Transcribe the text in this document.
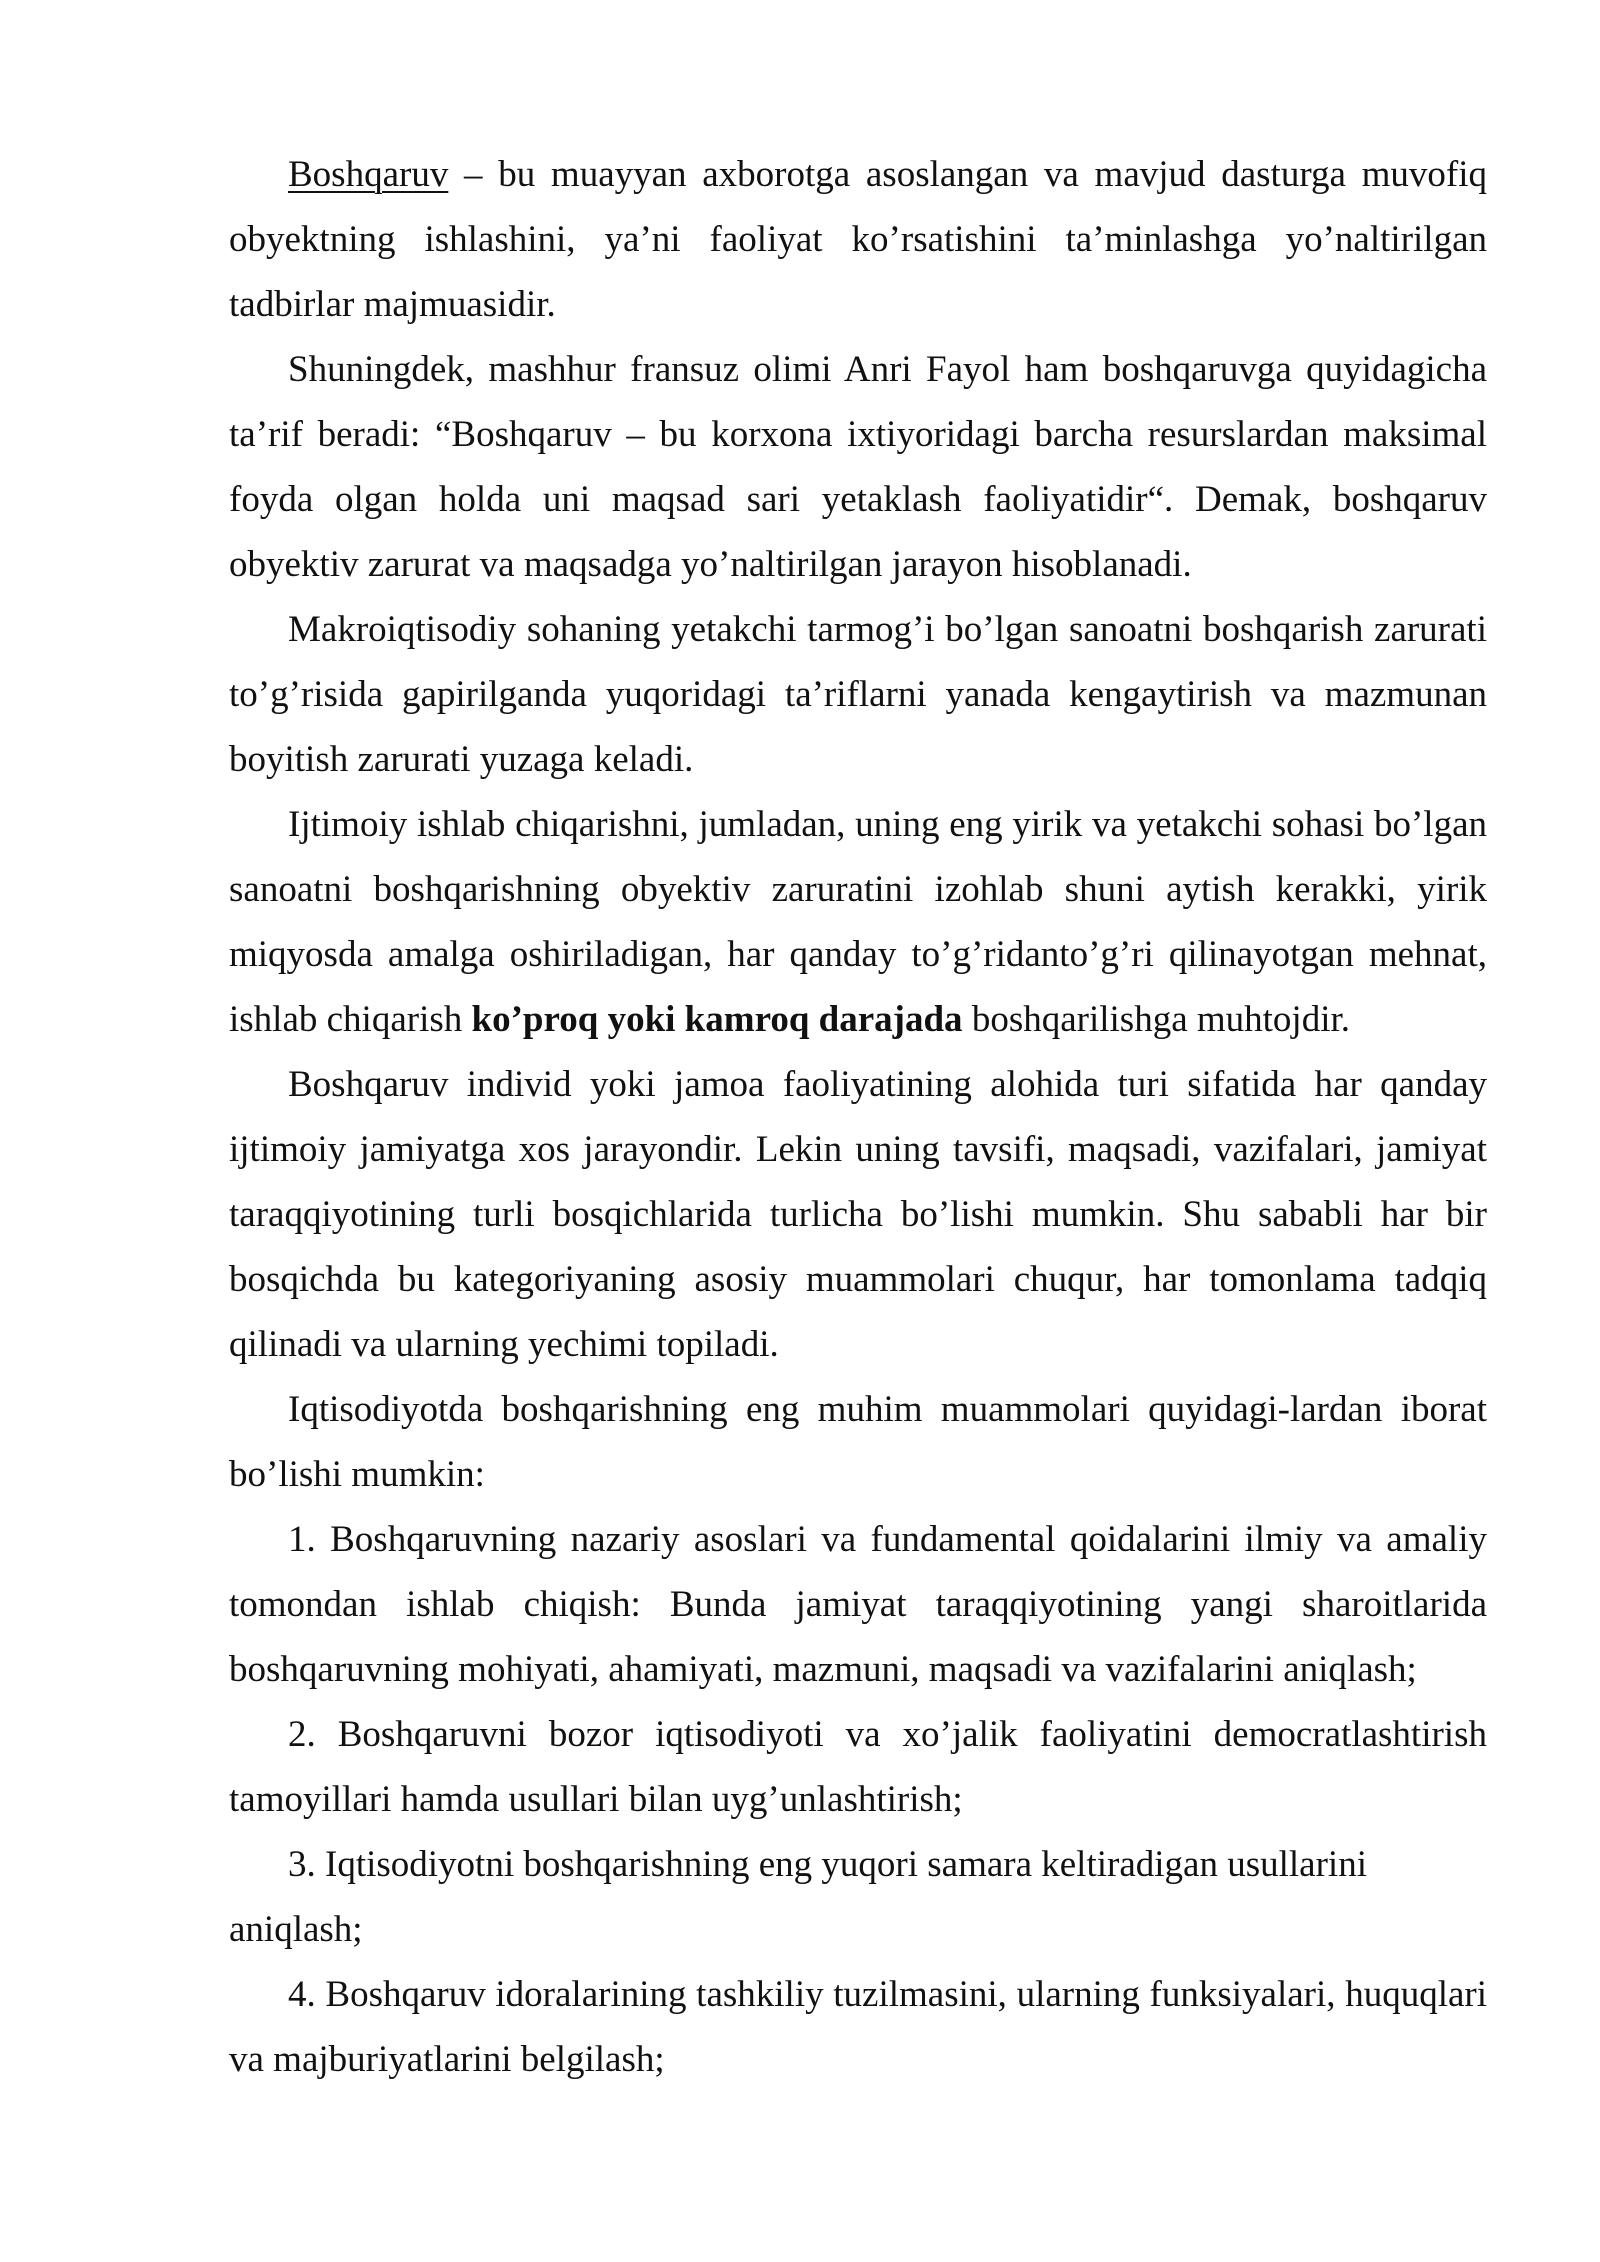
Boshqaruv – bu muayyan axborotga asoslangan va mavjud dasturga muvofiq obyektning ishlashini, ya’ni faoliyat ko’rsatishini ta’minlashga yo’naltirilgan tadbirlar majmuasidir.

Shuningdek, mashhur fransuz olimi Anri Fayol ham boshqaruvga quyidagicha ta’rif beradi: “Boshqaruv – bu korxona ixtiyoridagi barcha resurslardan maksimal foyda olgan holda uni maqsad sari yetaklash faoliyatidir“. Demak, boshqaruv obyektiv zarurat va maqsadga yo’naltirilgan jarayon hisoblanadi.

Makroiqtisodiy sohaning yetakchi tarmog’i bo’lgan sanoatni boshqarish zarurati to’g’risida gapirilganda yuqoridagi ta’riflarni yanada kengaytirish va mazmunan boyitish zarurati yuzaga keladi.

Ijtimoiy ishlab chiqarishni, jumladan, uning eng yirik va yetakchi sohasi bo’lgan sanoatni boshqarishning obyektiv zaruratini izohlab shuni aytish kerakki, yirik miqyosda amalga oshiriladigan, har qanday to’g’ridanto’g’ri qilinayotgan mehnat, ishlab chiqarish ko’proq yoki kamroq darajada boshqarilishga muhtojdir.

Boshqaruv individ yoki jamoa faoliyatining alohida turi sifatida har qanday ijtimoiy jamiyatga xos jarayondir. Lekin uning tavsifi, maqsadi, vazifalari, jamiyat taraqqiyotining turli bosqichlarida turlicha bo’lishi mumkin. Shu sababli har bir bosqichda bu kategoriyaning asosiy muammolari chuqur, har tomonlama tadqiq qilinadi va ularning yechimi topiladi.

Iqtisodiyotda boshqarishning eng muhim muammolari quyidagi-lardan iborat bo’lishi mumkin:

1. Boshqaruvning nazariy asoslari va fundamental qoidalarini ilmiy va amaliy tomondan ishlab chiqish: Bunda jamiyat taraqqiyotining yangi sharoitlarida boshqaruvning mohiyati, ahamiyati, mazmuni, maqsadi va vazifalarini aniqlash;

2. Boshqaruvni bozor iqtisodiyoti va xo’jalik faoliyatini democratlashtirish tamoyillari hamda usullari bilan uyg’unlashtirish;

3. Iqtisodiyotni boshqarishning eng yuqori samara keltiradigan usullarini aniqlash;

4. Boshqaruv idoralarining tashkiliy tuzilmasini, ularning funksiyalari, huquqlari va majburiyatlarini belgilash;
